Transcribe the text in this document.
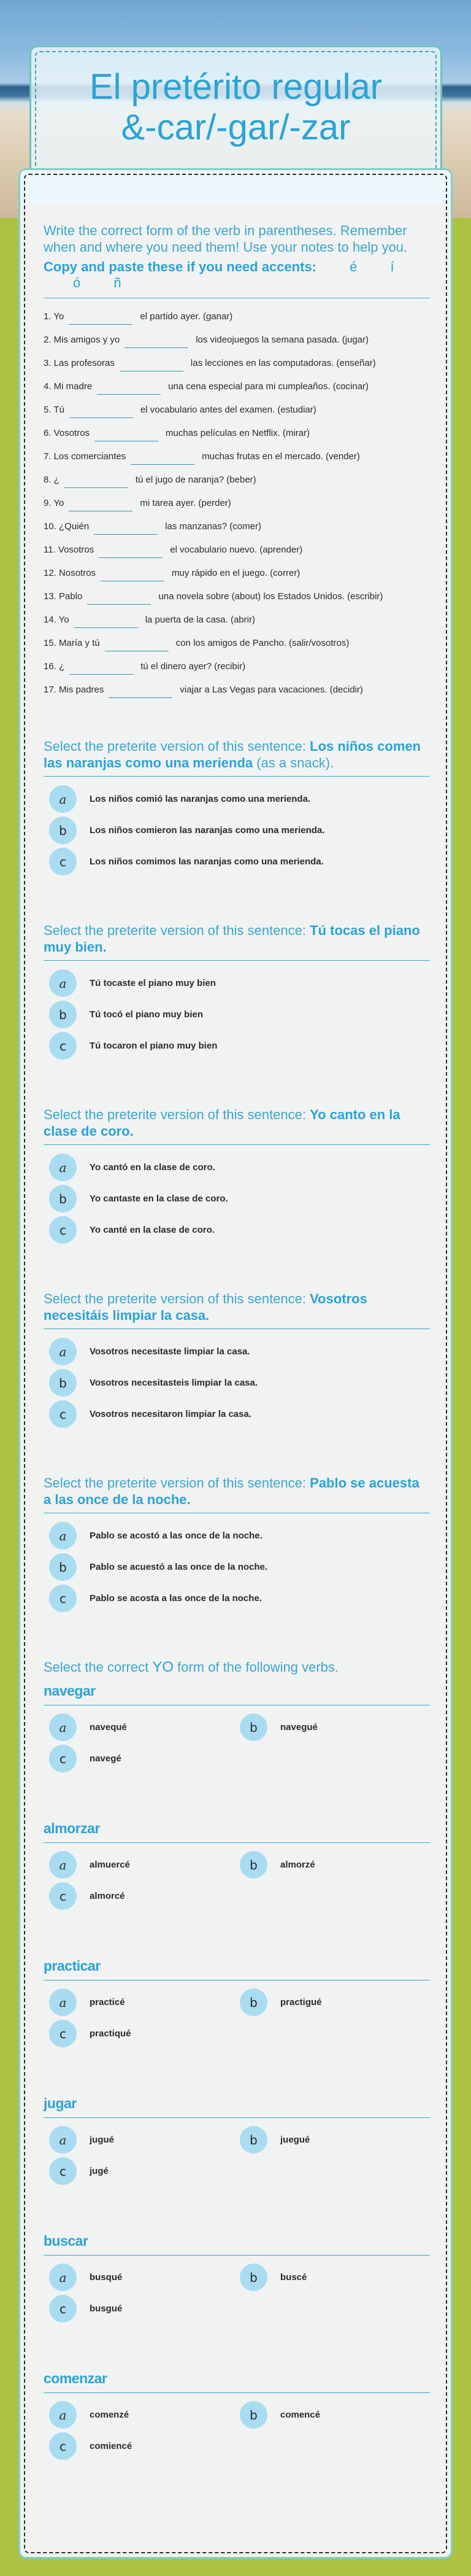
El pretérito regular
&-car/-gar/-zar
Write the correct form of the verb in parentheses. Remember when and where you need them! Use your notes to help you.
Copy and paste these if you need accents: é í ó ñ
1. Yo	el partido ayer. (ganar)
2. Mis amigos y yo	los videojuegos la semana pasada. (jugar)
3. Las profesoras	las lecciones en las computadoras. (enseñar)
4. Mi madre	una cena especial para mi cumpleaños. (cocinar)
5. Tú	el vocabulario antes del examen. (estudiar)
6. Vosotros	muchas películas en Netflix. (mirar)
7. Los comerciantes	muchas frutas en el mercado. (vender)
8. ¿	tú el jugo de naranja? (beber)
9. Yo	mi tarea ayer. (perder)
10. ¿Quién	las manzanas? (comer)
11. Vosotros	el vocabulario nuevo. (aprender)
12. Nosotros	muy rápido en el juego. (correr)
13. Pablo	una novela sobre (about) los Estados Unidos. (escribir)
14. Yo	la puerta de la casa. (abrir)
15. María y tú	con los amigos de Pancho. (salir/vosotros)
16. ¿	tú el dinero ayer? (recibir)
17. Mis padres	viajar a Las Vegas para vacaciones. (decidir)
Select the preterite version of this sentence: Los niños comen las naranjas como una merienda (as a snack).
a	Los niños comió las naranjas como una merienda.
b	Los niños comieron las naranjas como una merienda.
c	Los niños comimos las naranjas como una merienda.
Select the preterite version of this sentence: Tú tocas el piano muy bien.
a	Tú tocaste el piano muy bien
b	Tú tocó el piano muy bien
c	Tú tocaron el piano muy bien
Select the preterite version of this sentence: Yo canto en la clase de coro.
a	Yo cantó en la clase de coro.
b	Yo cantaste en la clase de coro.
c	Yo canté en la clase de coro.
Select the preterite version of this sentence: Vosotros necesitáis limpiar la casa.
a	Vosotros necesitaste limpiar la casa.
b	Vosotros necesitasteis limpiar la casa.
c	Vosotros necesitaron limpiar la casa.
Select the preterite version of this sentence: Pablo se acuesta a las once de la noche.
a	Pablo se acostó a las once de la noche.
b	Pablo se acuestó a las once de la noche.
c	Pablo se acosta a las once de la noche.
Select the correct YO form of the following verbs.
navegar
a	navequé	b	navegué
c	navegé
almorzar
a	almuercé	b	almorzé
c	almorcé
practicar
a	practicé	b	practigué
c	practiqué
jugar
a	jugué	b	juegué
c	jugé
buscar
a	busqué	b	buscé
c	busgué
comenzar
a	comenzé	b	comencé
c	comiencé
